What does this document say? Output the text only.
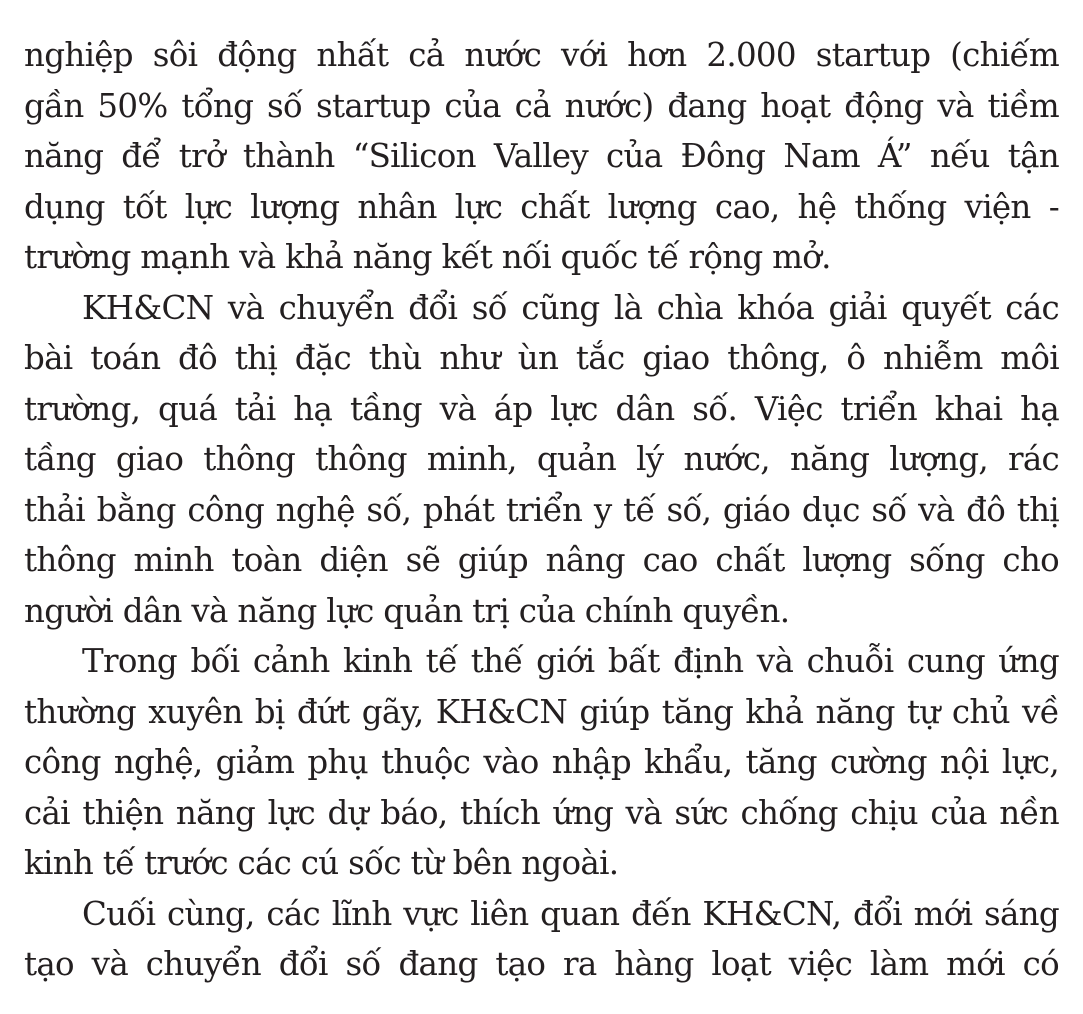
nghiệp sôi động nhất cả nước với hơn 2.000 startup (chiếm
gần 50% tổng số startup của cả nước) đang hoạt động và tiềm
năng để trở thành “Silicon Valley của Đông Nam Á” nếu tận
dụng tốt lực lượng nhân lực chất lượng cao, hệ thống viện -
trường mạnh và khả năng kết nối quốc tế rộng mở.
KH&CN và chuyển đổi số cũng là chìa khóa giải quyết các
bài toán đô thị đặc thù như ùn tắc giao thông, ô nhiễm môi
trường, quá tải hạ tầng và áp lực dân số. Việc triển khai hạ
tầng giao thông thông minh, quản lý nước, năng lượng, rác
thải bằng công nghệ số, phát triển y tế số, giáo dục số và đô thị
thông minh toàn diện sẽ giúp nâng cao chất lượng sống cho
người dân và năng lực quản trị của chính quyền.
Trong bối cảnh kinh tế thế giới bất định và chuỗi cung ứng
thường xuyên bị đứt gãy, KH&CN giúp tăng khả năng tự chủ về
công nghệ, giảm phụ thuộc vào nhập khẩu, tăng cường nội lực,
cải thiện năng lực dự báo, thích ứng và sức chống chịu của nền
kinh tế trước các cú sốc từ bên ngoài.
Cuối cùng, các lĩnh vực liên quan đến KH&CN, đổi mới sáng
tạo và chuyển đổi số đang tạo ra hàng loạt việc làm mới có
